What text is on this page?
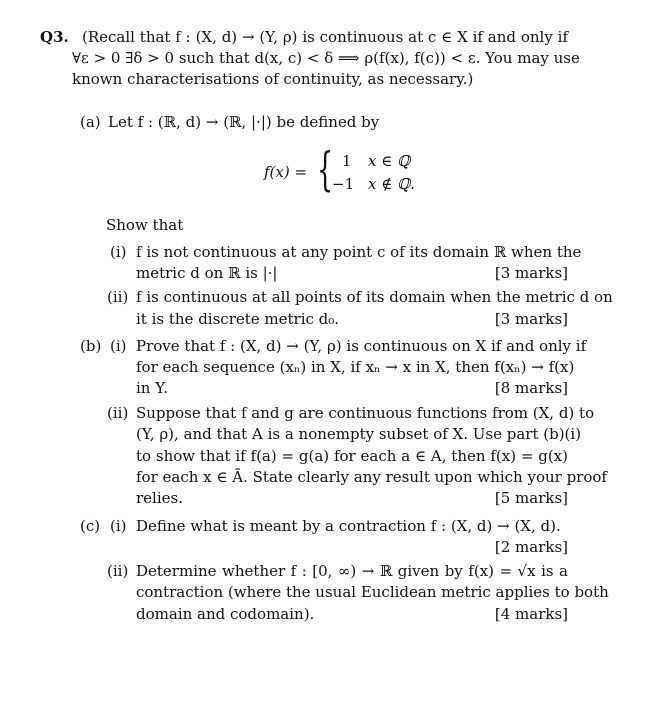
Q3. (Recall that f : (X, d) → (Y, ρ) is continuous at c ∈ X if and only if
∀ε > 0 ∃δ > 0 such that d(x, c) < δ ⟹ ρ(f(x), f(c)) < ε. You may use
known characterisations of continuity, as necessary.)
(a) Let f : (ℝ, d) → (ℝ, |·|) be defined by
f(x) = { 1 x ∈ ℚ
−1 x ∉ ℚ.
Show that
(i) f is not continuous at any point c of its domain ℝ when the
metric d on ℝ is |·|	[3 marks]
(ii) f is continuous at all points of its domain when the metric d on
it is the discrete metric d₀.	[3 marks]
(b) (i) Prove that f : (X, d) → (Y, ρ) is continuous on X if and only if
for each sequence (xₙ) in X, if xₙ → x in X, then f(xₙ) → f(x)
in Y.	[8 marks]
(ii) Suppose that f and g are continuous functions from (X, d) to
(Y, ρ), and that A is a nonempty subset of X. Use part (b)(i)
to show that if f(a) = g(a) for each a ∈ A, then f(x) = g(x)
for each x ∈ Ā. State clearly any result upon which your proof
relies.	[5 marks]
(c) (i) Define what is meant by a contraction f : (X, d) → (X, d).
[2 marks]
(ii) Determine whether f : [0, ∞) → ℝ given by f(x) = √x is a
contraction (where the usual Euclidean metric applies to both
domain and codomain).	[4 marks]
